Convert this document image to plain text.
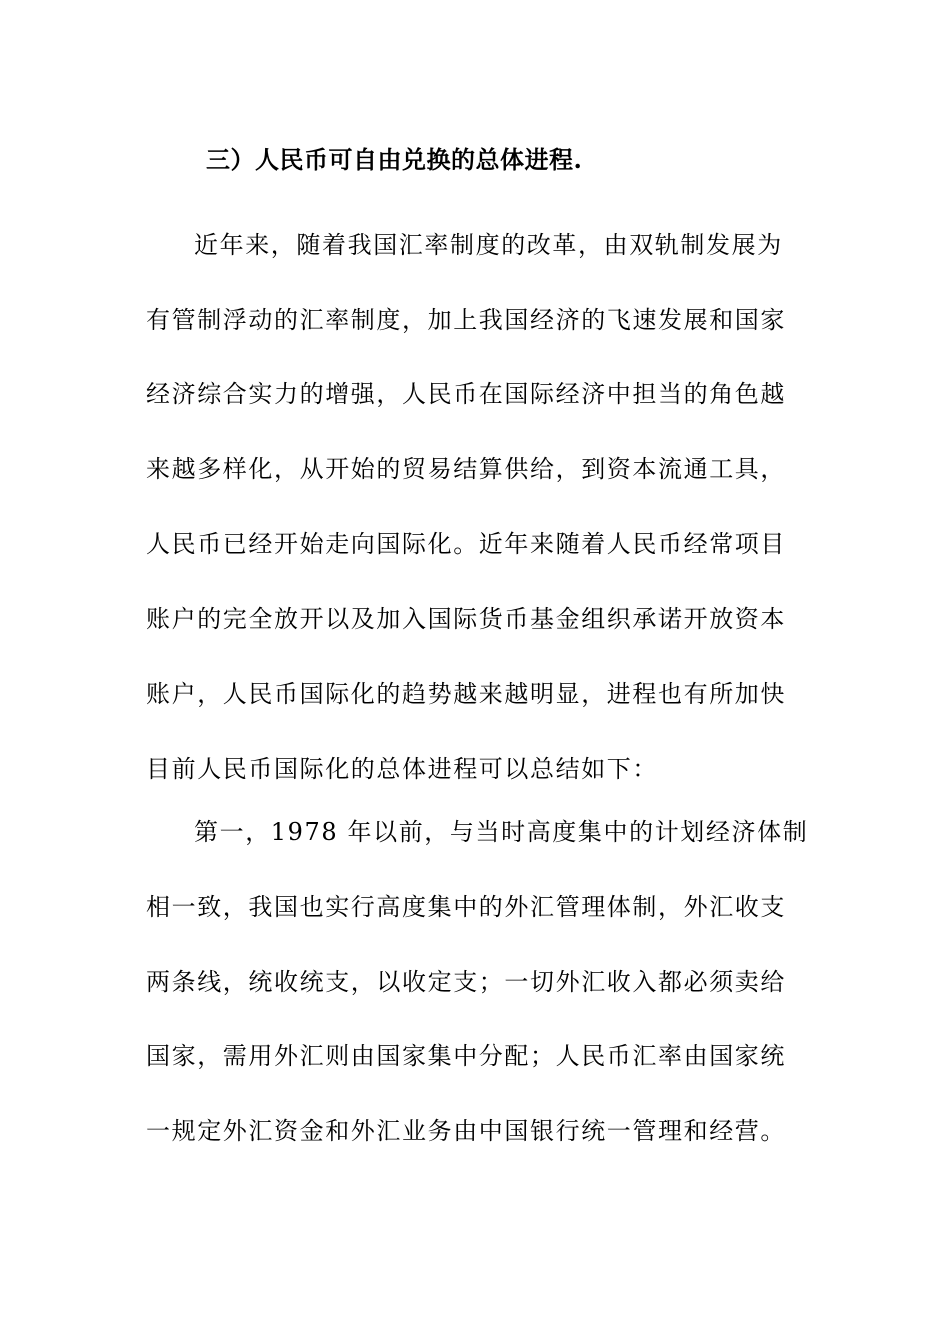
三）人民币可自由兑换的总体进程.
近年来，随着我国汇率制度的改革，由双轨制发展为
有管制浮动的汇率制度，加上我国经济的飞速发展和国家
经济综合实力的增强，人民币在国际经济中担当的角色越
来越多样化，从开始的贸易结算供给，到资本流通工具，
人民币已经开始走向国际化。近年来随着人民币经常项目
账户的完全放开以及加入国际货币基金组织承诺开放资本
账户，人民币国际化的趋势越来越明显，进程也有所加快
目前人民币国际化的总体进程可以总结如下：
第一，1978 年以前，与当时高度集中的计划经济体制
相一致，我国也实行高度集中的外汇管理体制，外汇收支
两条线，统收统支，以收定支；一切外汇收入都必须卖给
国家，需用外汇则由国家集中分配；人民币汇率由国家统
一规定外汇资金和外汇业务由中国银行统一管理和经营。
